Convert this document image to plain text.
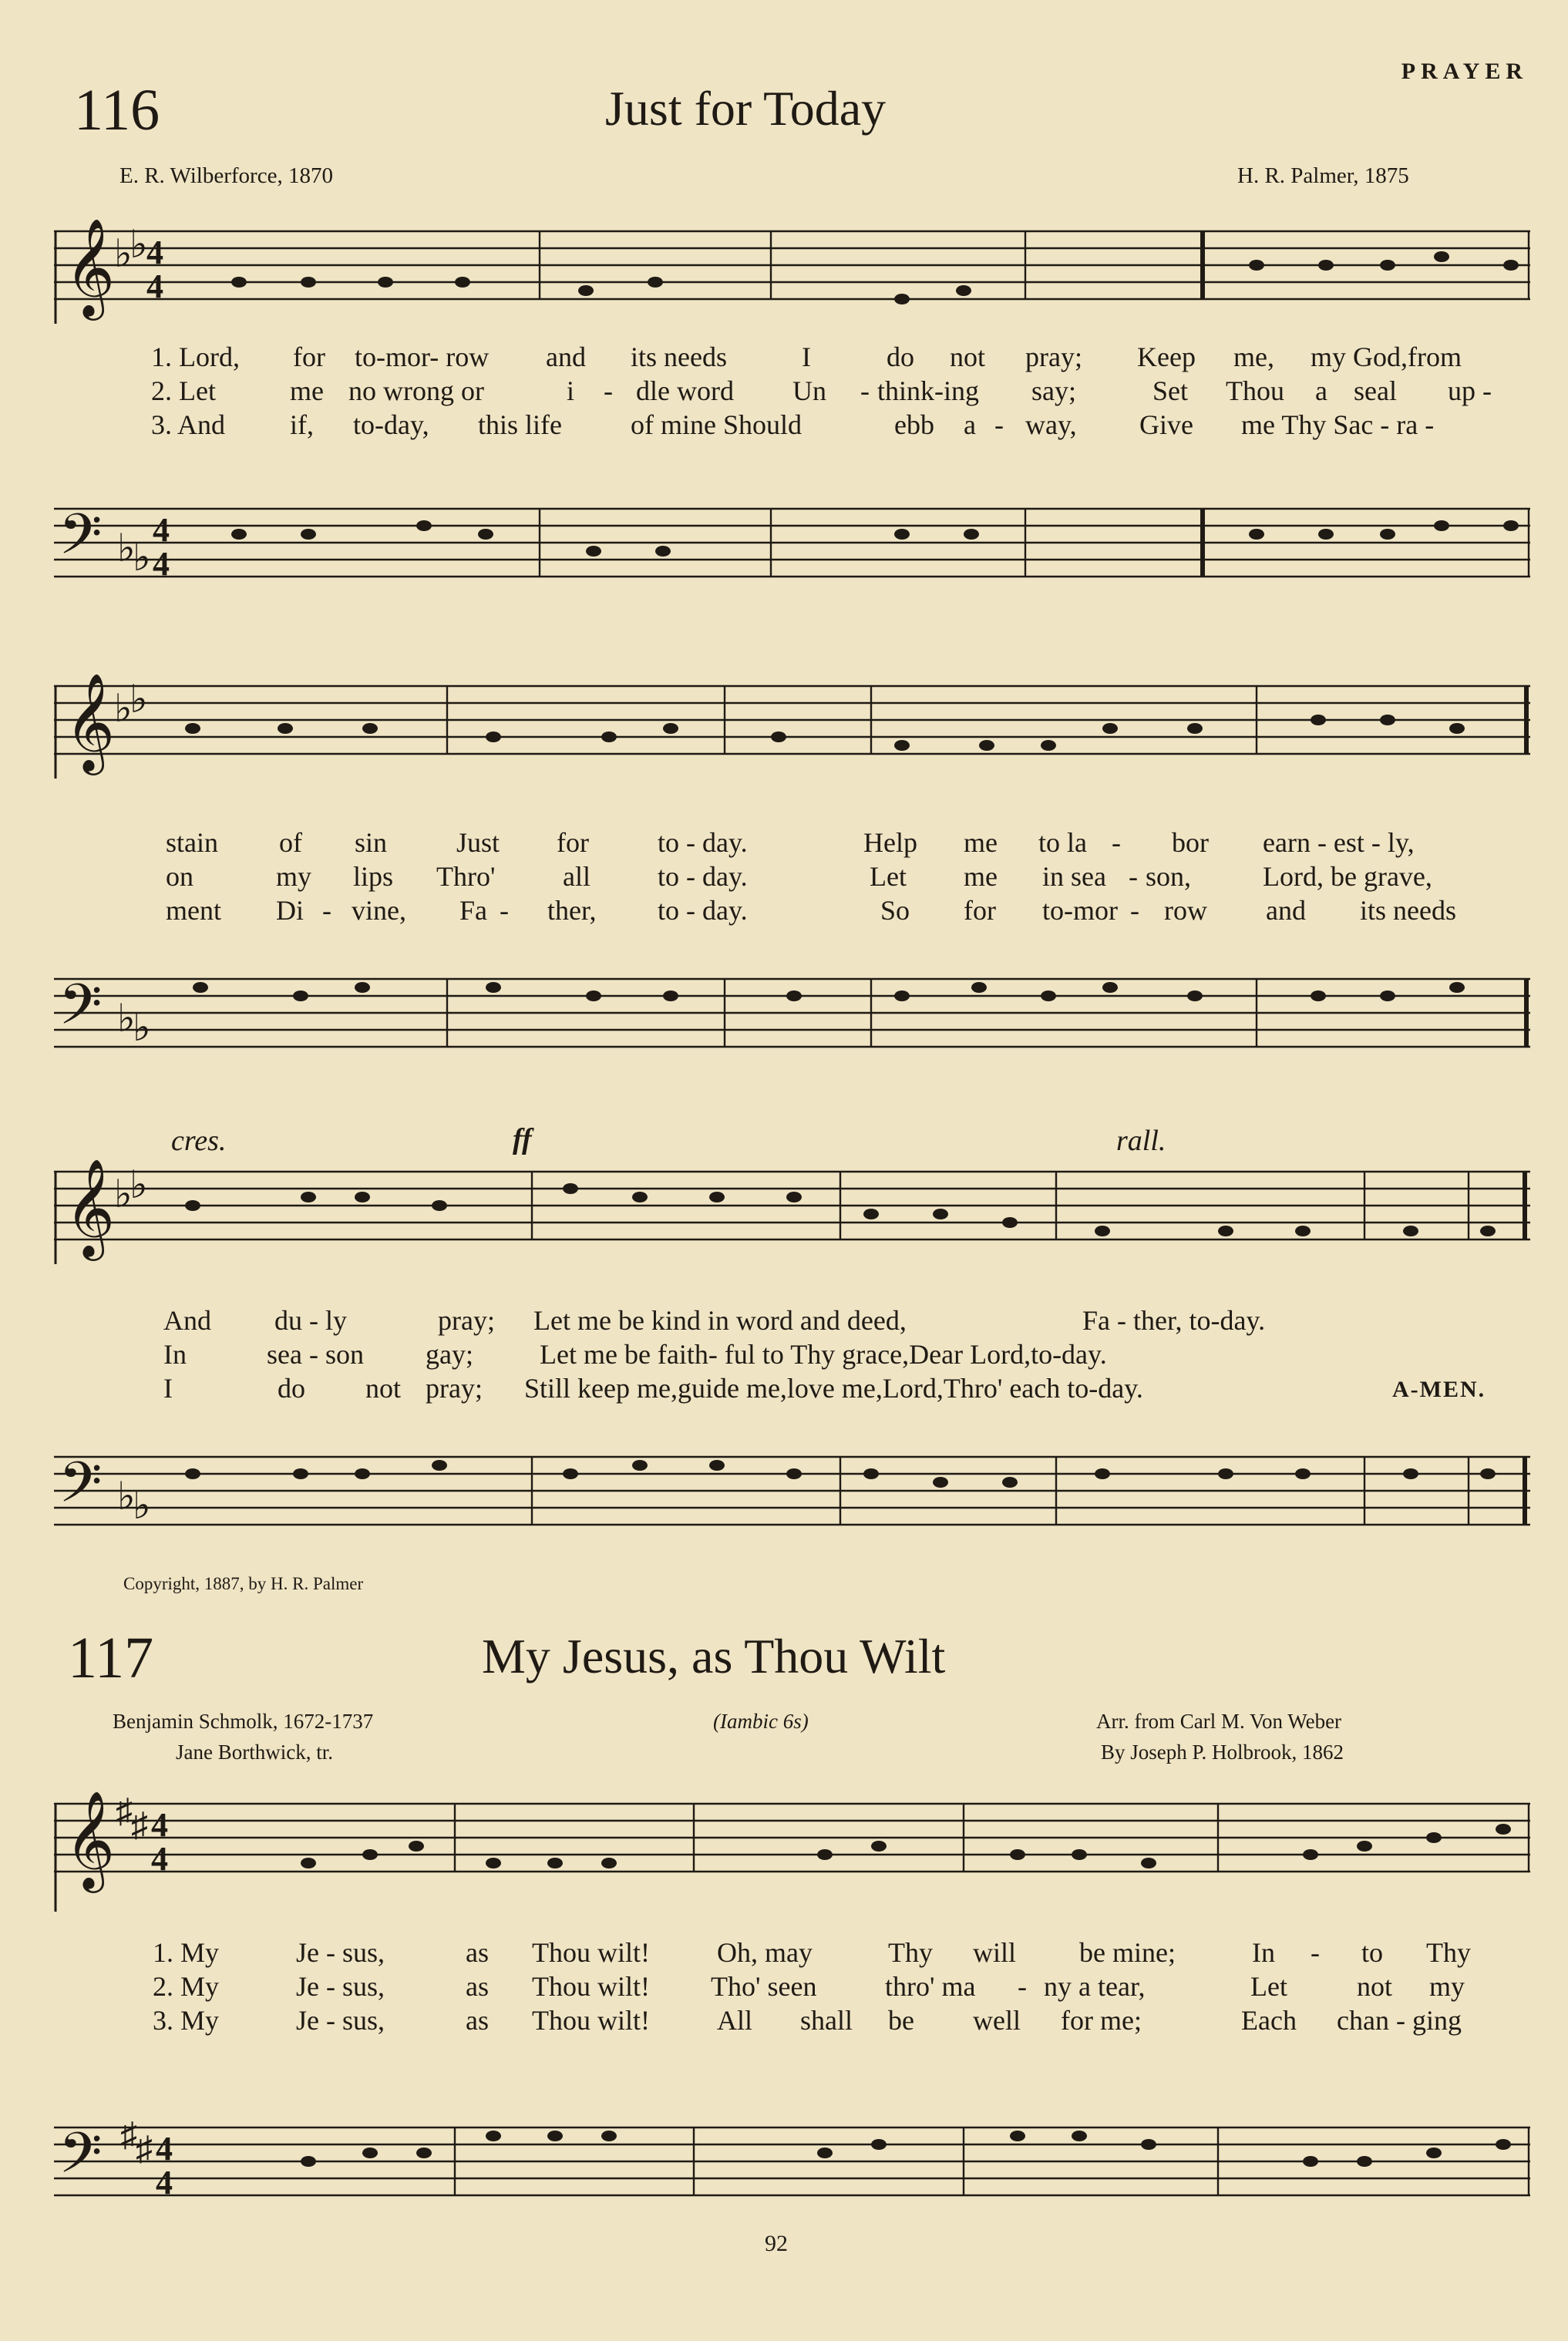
PRAYER
116	Just for Today
E. R. Wilberforce, 1870	H. R. Palmer, 1875
𝄞
♭
♭
4
4
1. Lord, for to-mor- row and its needs	I	do not pray; Keep me, my God,from
2. Let	me no wrong or	i - dle word Un - think-ing say;	Set Thou a seal up -
3. And if, to-day, this life of mine Should	ebb a - way, Give me Thy Sac - ra -
𝄢 ♭
♭
4
4
𝄞
♭
♭
stain of sin Just for to - day.	Help me to la - bor earn - est - ly,
on	my lips Thro' all to - day.	Let me in sea - son,	Lord, be grave,
ment Di - vine, Fa - ther, to - day.	So for to-mor - row and its needs
𝄢 ♭
♭
cres.	ff	rall.
𝄞
♭
♭
And du - ly	pray; Let me be kind in word and deed,	Fa - ther, to-day.
In	sea - son gay; Let me be faith- ful to Thy grace,Dear Lord,to-day.
I	do not pray; Still keep me,guide me,love me,Lord,Thro' each to-day.	A-MEN.
𝄢 ♭
♭
Copyright, 1887, by H. R. Palmer
117	My Jesus, as Thou Wilt
Benjamin Schmolk, 1672-1737
Jane Borthwick, tr.
(Iambic 6s)	Arr. from Carl M. Von Weber
By Joseph P. Holbrook, 1862
𝄞 ♯
♯ 4
4
1. My	Je - sus,	as Thou wilt! Oh, may	Thy will be mine;	In - to Thy
2. My	Je - sus,	as Thou wilt! Tho' seen thro' ma - ny a tear,	Let	not my
3. My	Je - sus,	as Thou wilt! All shall be well for me;	Each chan - ging
𝄢 ♯
♯ 4
4
92
